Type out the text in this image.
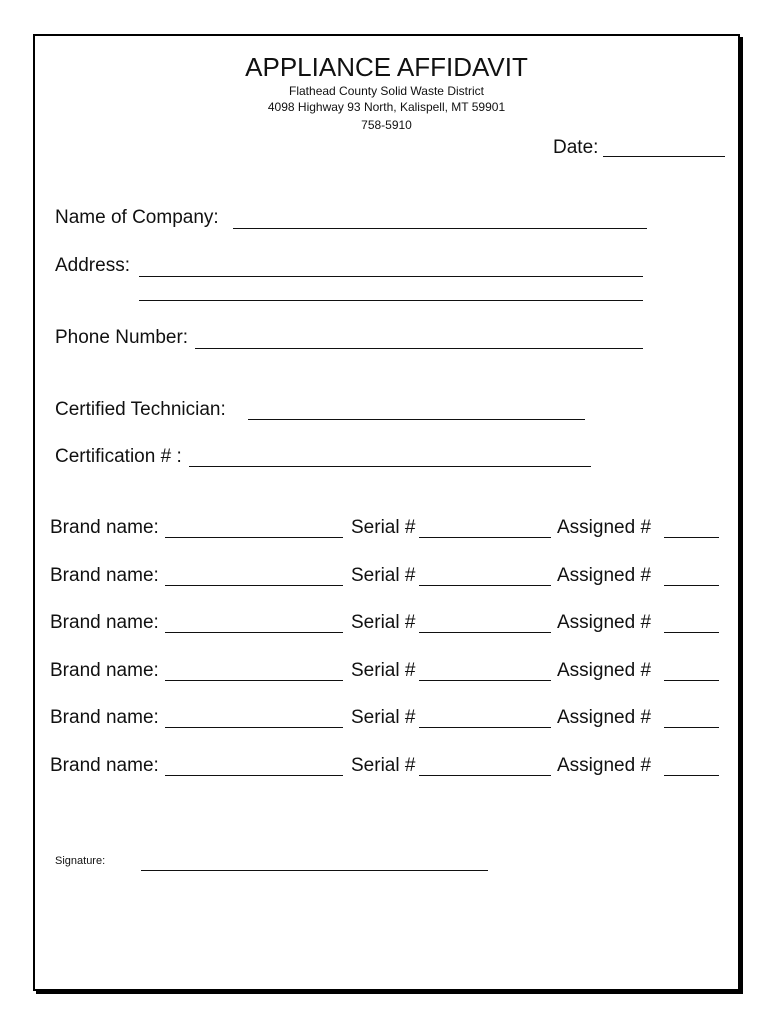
APPLIANCE AFFIDAVIT
Flathead County Solid Waste District
4098 Highway 93 North, Kalispell, MT 59901
758-5910
Date:
Name of Company:
Address:
Phone Number:
Certified Technician:
Certification # :
Brand name:	Serial #	Assigned #
Brand name:	Serial #	Assigned #
Brand name:	Serial #	Assigned #
Brand name:	Serial #	Assigned #
Brand name:	Serial #	Assigned #
Brand name:	Serial #	Assigned #
Signature:
